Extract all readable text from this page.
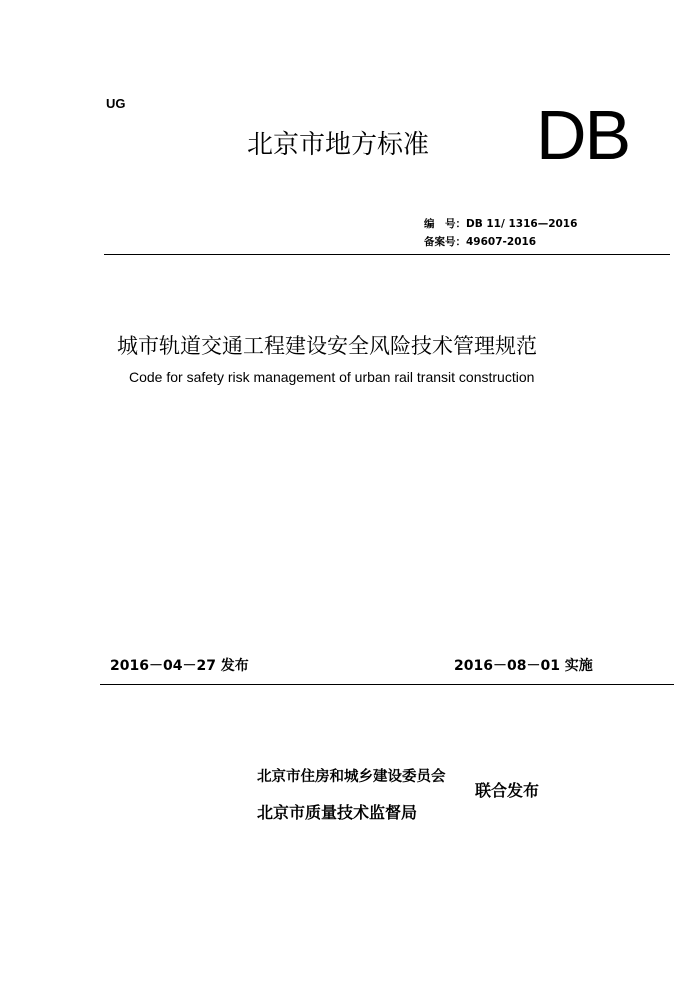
UG
北京市地方标准 DB
编　号：DB 11/ 1316—2016
备案号：49607-2016
城市轨道交通工程建设安全风险技术管理规范
Code for safety risk management of urban rail transit construction
2016－04－27 发布	2016－08－01 实施
北京市住房和城乡建设委员会
北京市质量技术监督局
联合发布
